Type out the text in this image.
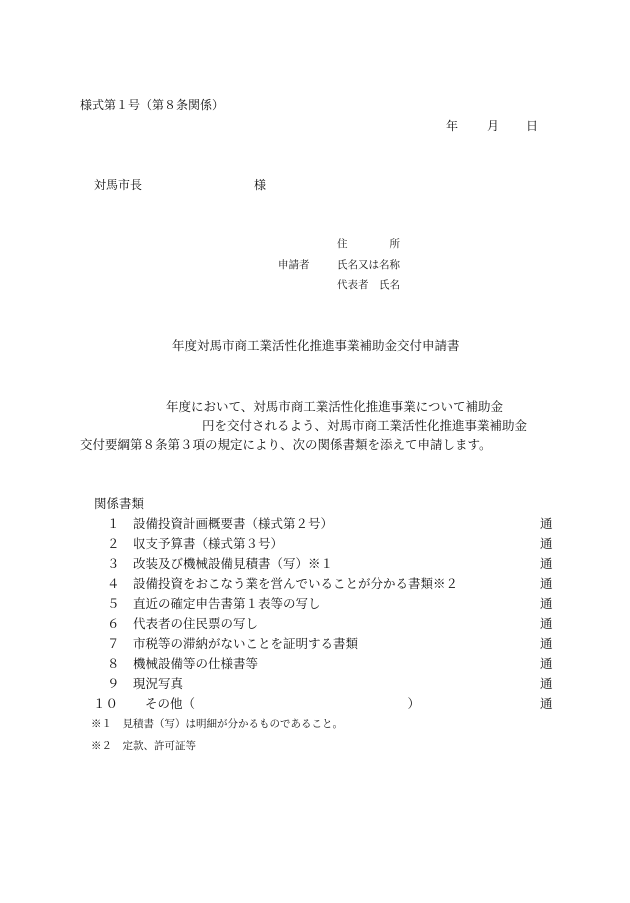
様式第１号（第８条関係）
年 月 日
対馬市長	様
住　　　　所
申請者	氏名又は名称
代表者　氏名
年度対馬市商工業活性化推進事業補助金交付申請書
年度において、対馬市商工業活性化推進事業について補助金
円を交付されるよう、対馬市商工業活性化推進事業補助金
交付要綱第８条第３項の規定により、次の関係書類を添えて申請します。
関係書類
１ 設備投資計画概要書（様式第２号）	通
２ 収支予算書（様式第３号）	通
３ 改装及び機械設備見積書（写）※１	通
４ 設備投資をおこなう業を営んでいることが分かる書類※２	通
５ 直近の確定申告書第１表等の写し	通
６ 代表者の住民票の写し	通
７ 市税等の滞納がないことを証明する書類	通
８ 機械設備等の仕様書等	通
９ 現況写真	通
１０ その他（　　　　　　　　　　　　　　　　　）	通
※１　見積書（写）は明細が分かるものであること。
※２　定款、許可証等
